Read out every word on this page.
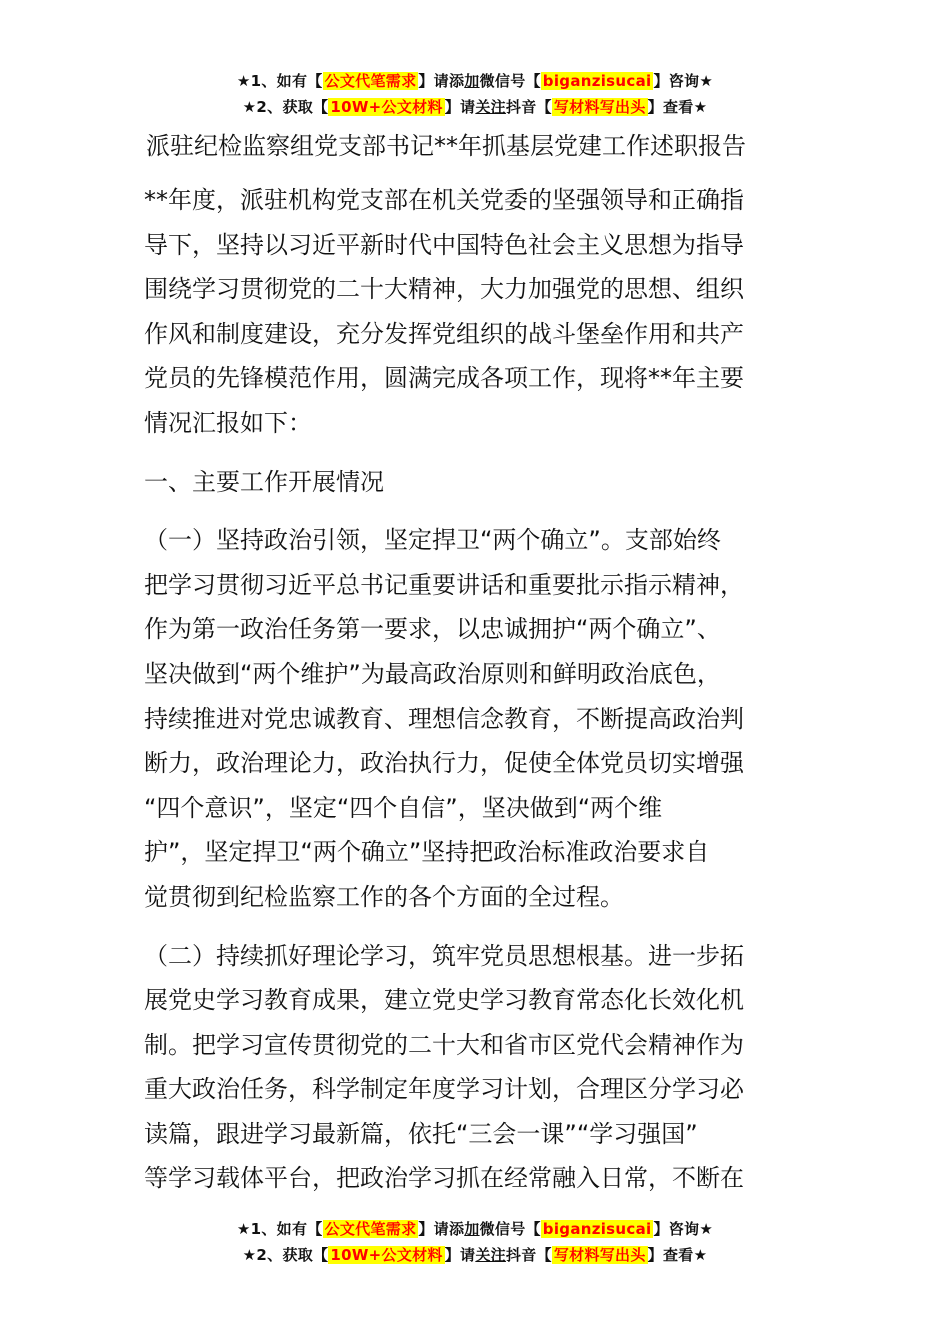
★1、如有【 公文代笔需求 】请添加微信号【 biganzisucai 】咨询★
★2、获取【 10W+公文材料 】请关注抖音【 写材料写出头 】查看★
派驻纪检监察组党支部书记**年抓基层党建工作述职报告

**年度，派驻机构党支部在机关党委的坚强领导和正确指
导下，坚持以习近平新时代中国特色社会主义思想为指导
围绕学习贯彻党的二十大精神，大力加强党的思想、组织
作风和制度建设，充分发挥党组织的战斗堡垒作用和共产
党员的先锋模范作用，圆满完成各项工作，现将**年主要
情况汇报如下：

一、主要工作开展情况

（一）坚持政治引领，坚定捍卫“两个确立”。支部始终
把学习贯彻习近平总书记重要讲话和重要批示指示精神，
作为第一政治任务第一要求，以忠诚拥护“两个确立”、
坚决做到“两个维护”为最高政治原则和鲜明政治底色，
持续推进对党忠诚教育、理想信念教育，不断提高政治判
断力，政治理论力，政治执行力，促使全体党员切实增强
“四个意识”，坚定“四个自信”，坚决做到“两个维
护”，坚定捍卫“两个确立”坚持把政治标准政治要求自
觉贯彻到纪检监察工作的各个方面的全过程。

（二）持续抓好理论学习，筑牢党员思想根基。进一步拓
展党史学习教育成果，建立党史学习教育常态化长效化机
制。把学习宣传贯彻党的二十大和省市区党代会精神作为
重大政治任务，科学制定年度学习计划，合理区分学习必
读篇，跟进学习最新篇，依托“三会一课”“学习强国”
等学习载体平台，把政治学习抓在经常融入日常，不断在

★1、如有【 公文代笔需求 】请添加微信号【 biganzisucai 】咨询★
★2、获取【 10W+公文材料 】请关注抖音【 写材料写出头 】查看★
